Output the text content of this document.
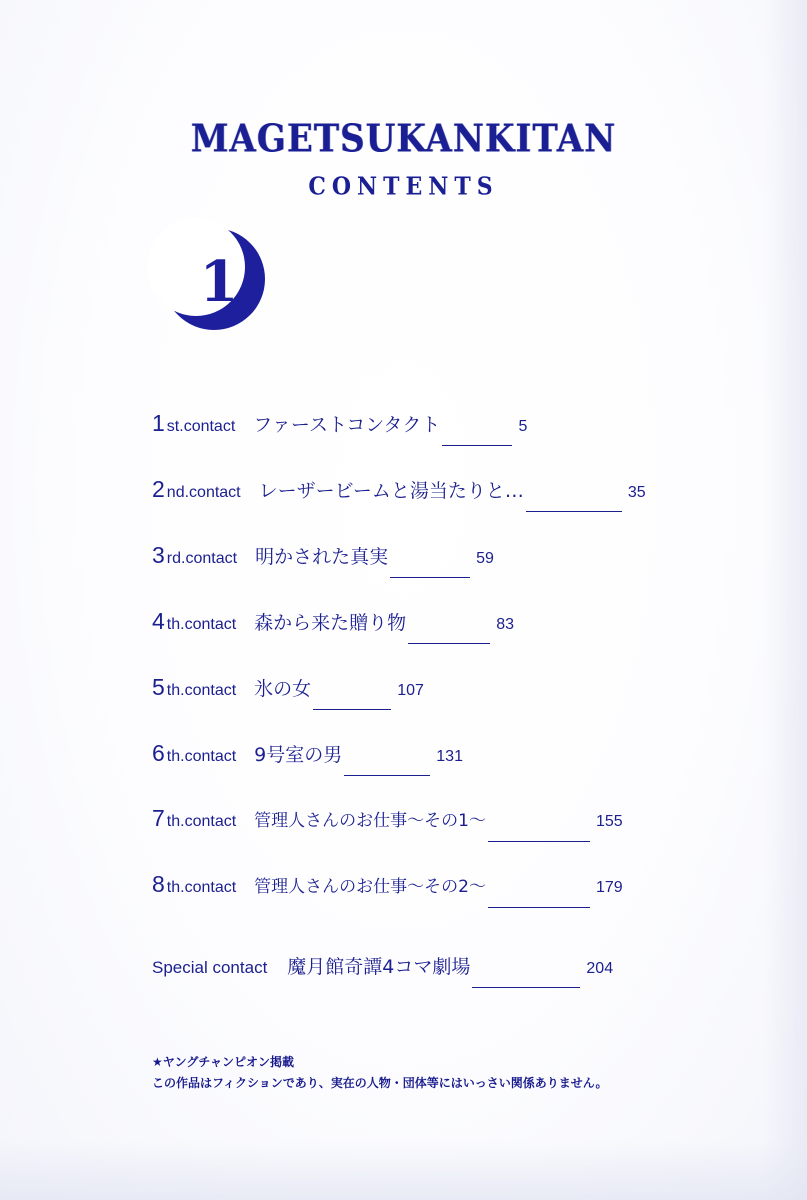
MAGETSUKANKITAN
CONTENTS
1
1 st.contact ファーストコンタクト	5
2 nd.contact レーザービームと湯当たりと…	35
3 rd.contact 明かされた真実	59
4 th.contact 森から来た贈り物	83
5 th.contact 氷の女	107
6 th.contact 9号室の男	131
7 th.contact 管理人さんのお仕事～その1～	155
8 th.contact 管理人さんのお仕事～その2～	179
Special contact 魔月館奇譚4コマ劇場	204
★ヤングチャンピオン掲載
この作品はフィクションであり、実在の人物・団体等にはいっさい関係ありません。
